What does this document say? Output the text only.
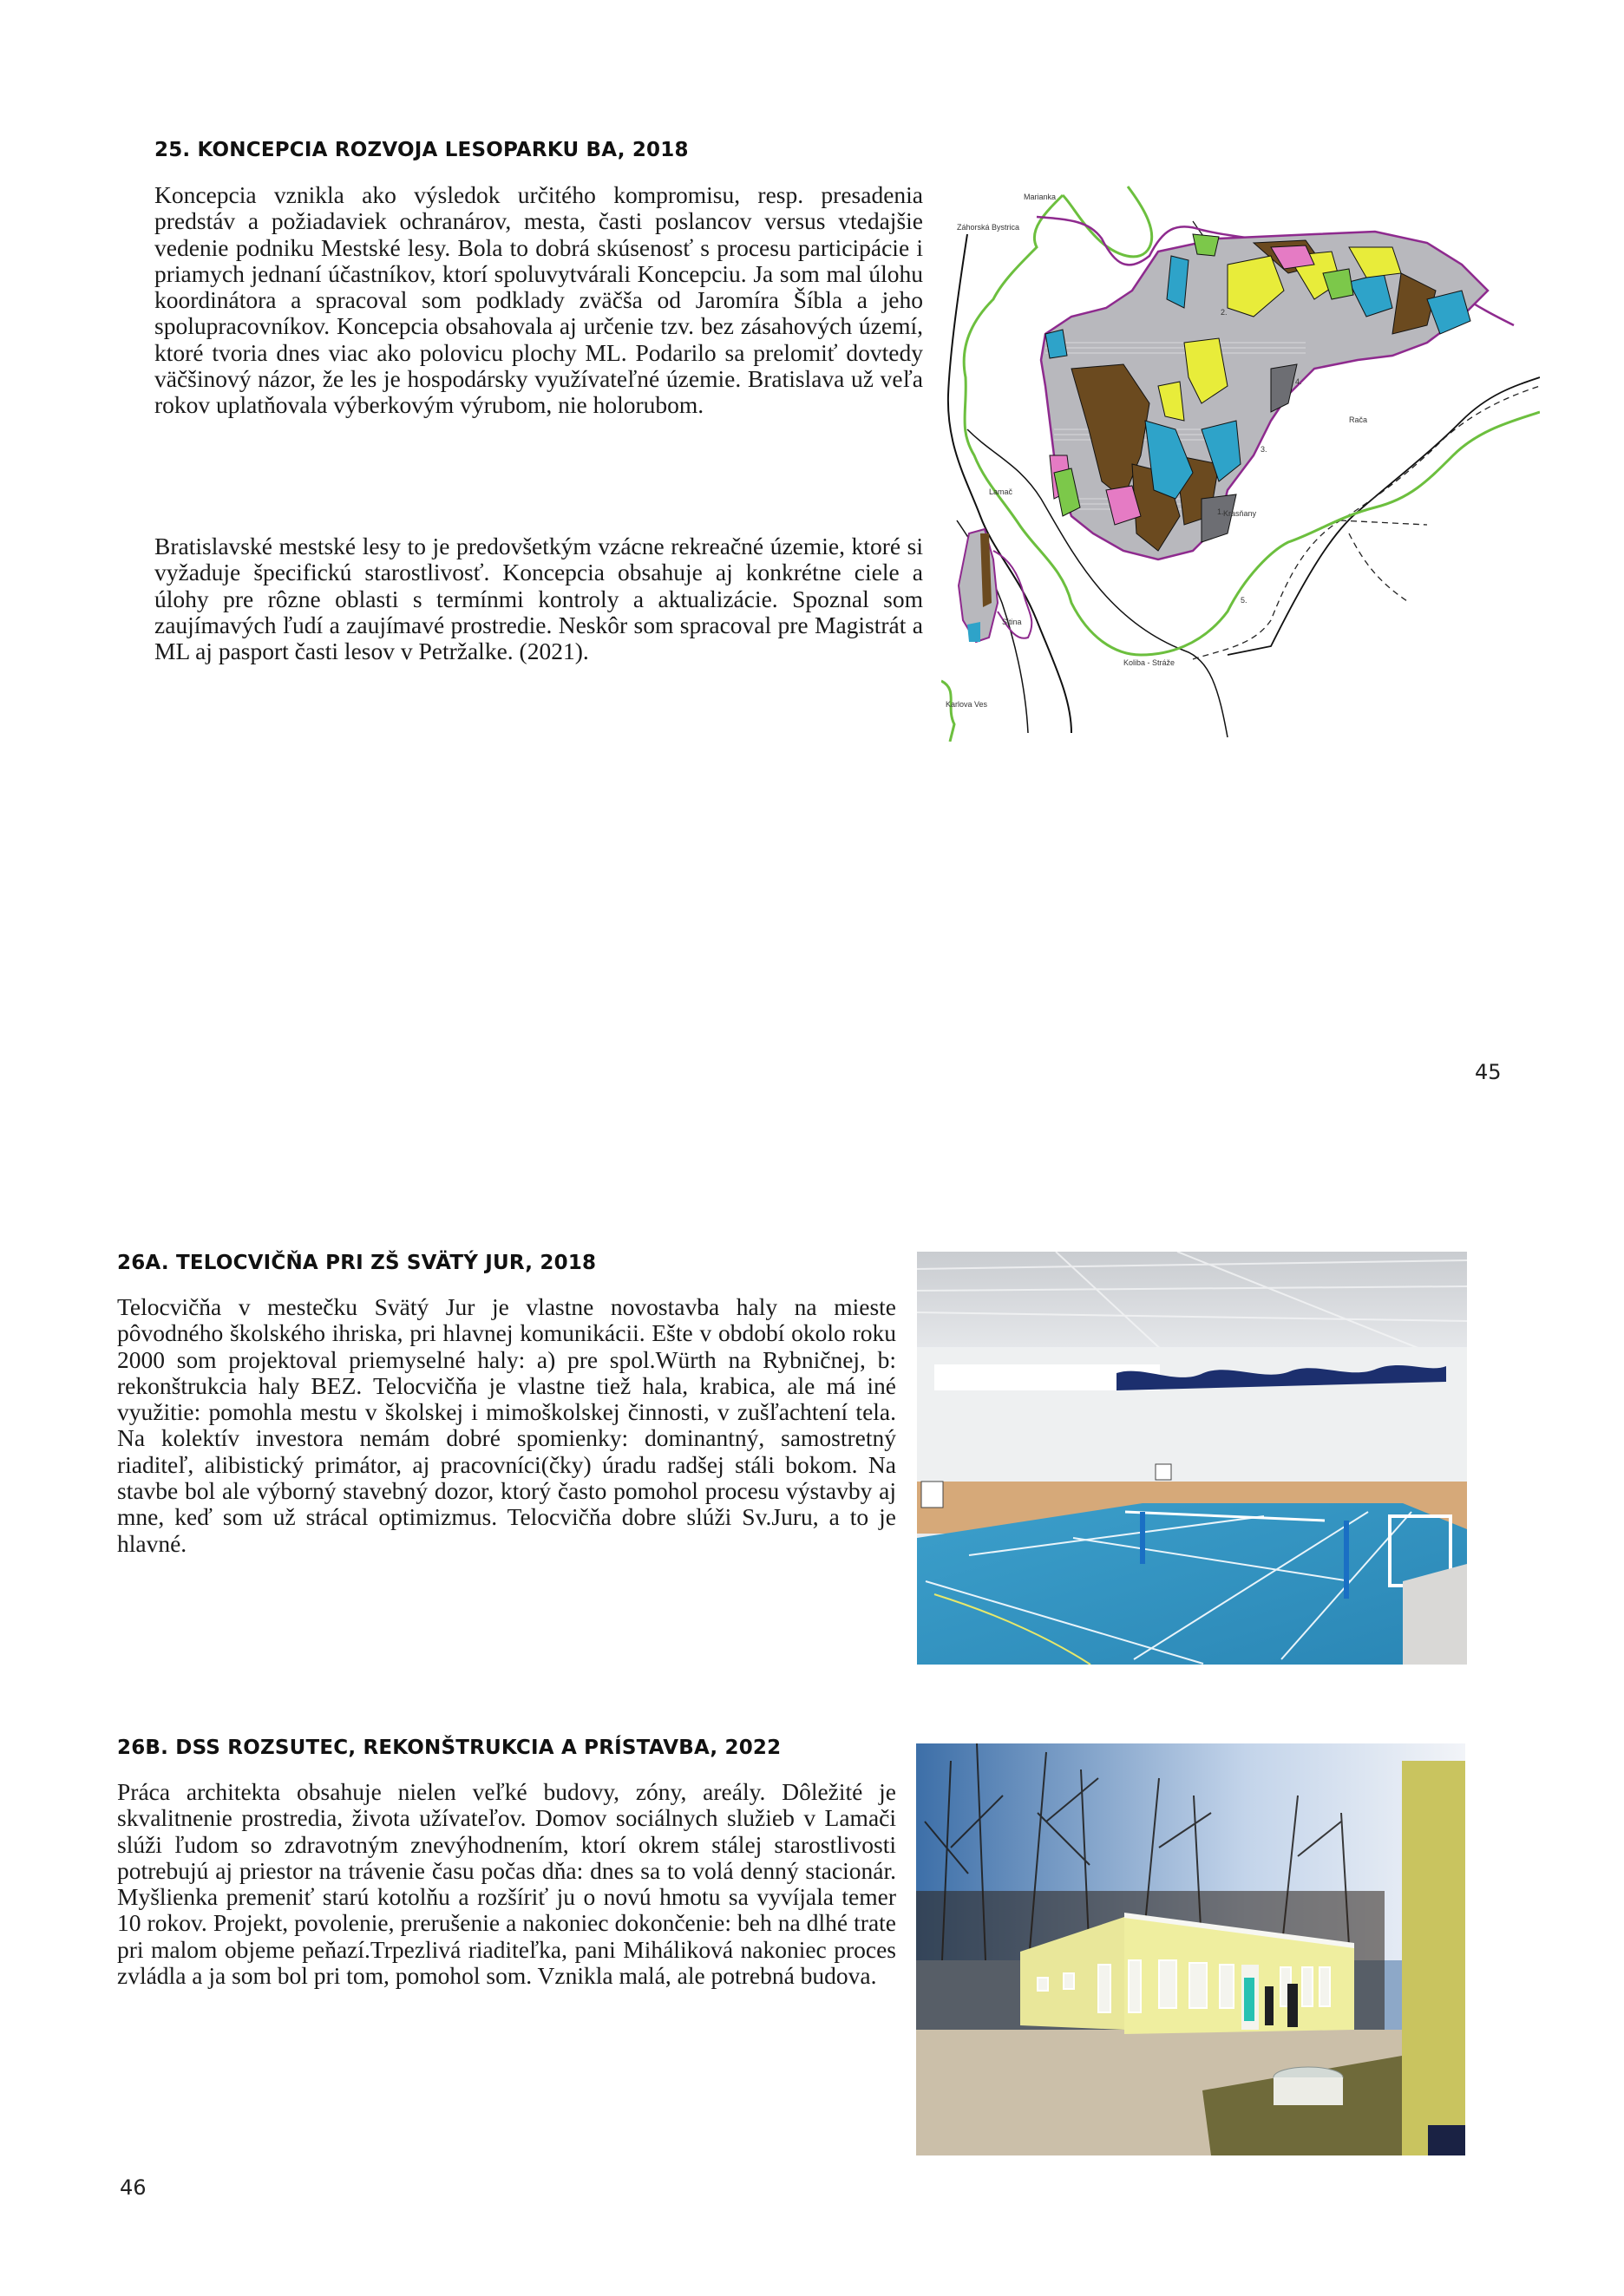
25. KONCEPCIA ROZVOJA LESOPARKU BA, 2018

Koncepcia vznikla ako výsledok určitého kompromisu, resp. presadenia predstáv a požiadaviek ochranárov, mesta, časti poslancov versus vtedajšie vedenie podniku Mestské lesy. Bola to dobrá skúsenosť s procesu participácie i priamych jednaní účastníkov, ktorí spoluvytvárali Koncepciu. Ja som mal úlohu koordinátora a spracoval som podklady zväčša od Jaromíra Šíbla a jeho spolupracovníkov. Koncepcia obsahovala aj určenie tzv. bez zásahových území, ktoré tvoria dnes viac ako polovicu plochy ML. Podarilo sa prelomiť dovtedy väčšinový názor, že les je hospodársky využívateľné územie. Bratislava už veľa rokov uplatňovala výberkovým výrubom, nie holorubom.

Bratislavské mestské lesy to je predovšetkým vzácne rekreačné územie, ktoré si vyžaduje špecifickú starostlivosť. Koncepcia obsahuje aj konkrétne ciele a úlohy pre rôzne oblasti s termínmi kontroly a aktualizácie. Spoznal som zaujímavých ľudí a zaujímavé prostredie. Neskôr som spracoval pre Magistrát a ML aj pasport časti lesov v Petržalke. (2021).

Marianka
Záhorská Bystrica
Lamač
Rača
Krasňany
Sitina
Karlova Ves
Koliba - Stráže
1.
2.
3.
4.
5.
45
26A. TELOCVIČŇA PRI ZŠ SVÄTÝ JUR, 2018

Telocvičňa v mestečku Svätý Jur je vlastne novostavba haly na mieste pôvodného školského ihriska, pri hlavnej komunikácii. Ešte v období okolo roku 2000 som projektoval priemyselné haly: a) pre spol.Würth na Rybničnej, b: rekonštrukcia haly BEZ. Telocvičňa je vlastne tiež hala, krabica, ale má iné využitie: pomohla mestu v školskej i mimoškolskej činnosti, v zušľachtení tela. Na kolektív investora nemám dobré spomienky: dominantný, samostretný riaditeľ, alibistický primátor, aj pracovníci(čky) úradu radšej stáli bokom. Na stavbe bol ale výborný stavebný dozor, ktorý často pomohol procesu výstavby aj mne, keď som už strácal optimizmus. Telocvičňa dobre slúži Sv.Juru, a to je hlavné.

26B. DSS ROZSUTEC, REKONŠTRUKCIA A PRÍSTAVBA, 2022

Práca architekta obsahuje nielen veľké budovy, zóny, areály. Dôležité je skvalitnenie prostredia, života užívateľov. Domov sociálnych služieb v Lamači slúži ľudom so zdravotným znevýhodnením, ktorí okrem stálej starostlivosti potrebujú aj priestor na trávenie času počas dňa: dnes sa to volá denný stacionár. Myšlienka premeniť starú kotolňu a rozšíriť ju o novú hmotu sa vyvíjala temer 10 rokov. Projekt, povolenie, prerušenie a nakoniec dokončenie: beh na dlhé trate pri malom objeme peňazí.Trpezlivá riaditeľka, pani Miháliková nakoniec proces zvládla a ja som bol pri tom, pomohol som. Vznikla malá, ale potrebná budova.

46
